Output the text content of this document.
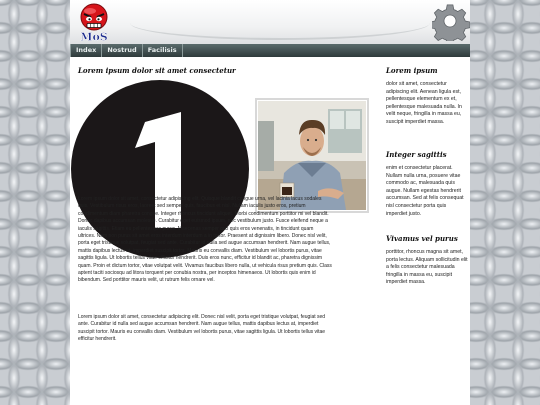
MoS
Index	Nostrud	Facilisis
Lorem ipsum dolor sit amet consectetur
Lorem ipsum dolor sit amet, consectetur adipiscing elit. Quisque blandit congue urna, vel lacinia lacus sodales quis. Vestibulum risus eros, laoreet sed semper quis, faucibus et nisl. Nullam iaculis justo eros, pretium condimentum diam pharetra congue. Integer rhoncus tincidunt aliquet. Morbi condimentum porttitor mi vel blandit. Donec dapibus accumsan molestie. Curabitur eget euismod ipsum, nec vestibulum justo. Fusce eleifend neque a iaculis sagittis. Etiam eu pellentesque purus. Maecenas semper orci quis eros venenatis, in tincidunt quam ultrices. Nam non purus sit amet eros interdum interdum a in tortor. Praesent at dignissim libero. Donec nisl velit, porta eget tristique volutpat, feugiat sed ante. Curabitur id nulla sed augue accumsan hendrerit. Nam augue tellus, mattis dapibus lectus at, imperdiet suscipit tortor. Mauris eu convallis diam. Vestibulum vel lobortis purus, vitae sagittis ligula. Ut lobortis tellus vitae efficitur hendrerit. Duis eros nunc, efficitur id blandit ac, pharetra dignissim quam. Proin et dictum tortor, vitae volutpat velit. Vivamus faucibus libero nulla, ut vehicula risus pretium quis. Class aptent taciti sociosqu ad litora torquent per conubia nostra, per inceptos himenaeos. Ut lobortis quis enim id bibendum. Sed porttitor mauris velit, ut rutrum felis ornare vel.
Lorem ipsum dolor sit amet, consectetur adipiscing elit. Donec nisl velit, porta eget tristique volutpat, feugiat sed ante. Curabitur id nulla sed augue accumsan hendrerit. Nam augue tellus, mattis dapibus lectus at, imperdiet suscipit tortor. Mauris eu convallis diam. Vestibulum vel lobortis purus, vitae sagittis ligula. Ut lobortis tellus vitae efficitur hendrerit.
Lorem ipsum
dolor sit amet, consectetur adipiscing elit. Aenean ligula est, pellentesque elementum ex et, pellentesque malesuada nulla. In velit neque, fringilla in massa eu, suscipit imperdiet massa.
Integer sagittis
enim et consectetur placerat. Nullam nulla urna, posuere vitae commodo ac, malesuada quis augue. Nullam egestas hendrerit accumsan. Sed at felis consequat nisl consectetur porta quis imperdiet justo.
Vivamus vel purus
porttitor, rhoncus magna sit amet, porta lectus. Aliquam sollicitudin elit a felis consectetur malesuada fringilla in massa eu, suscipit imperdiet massa.
